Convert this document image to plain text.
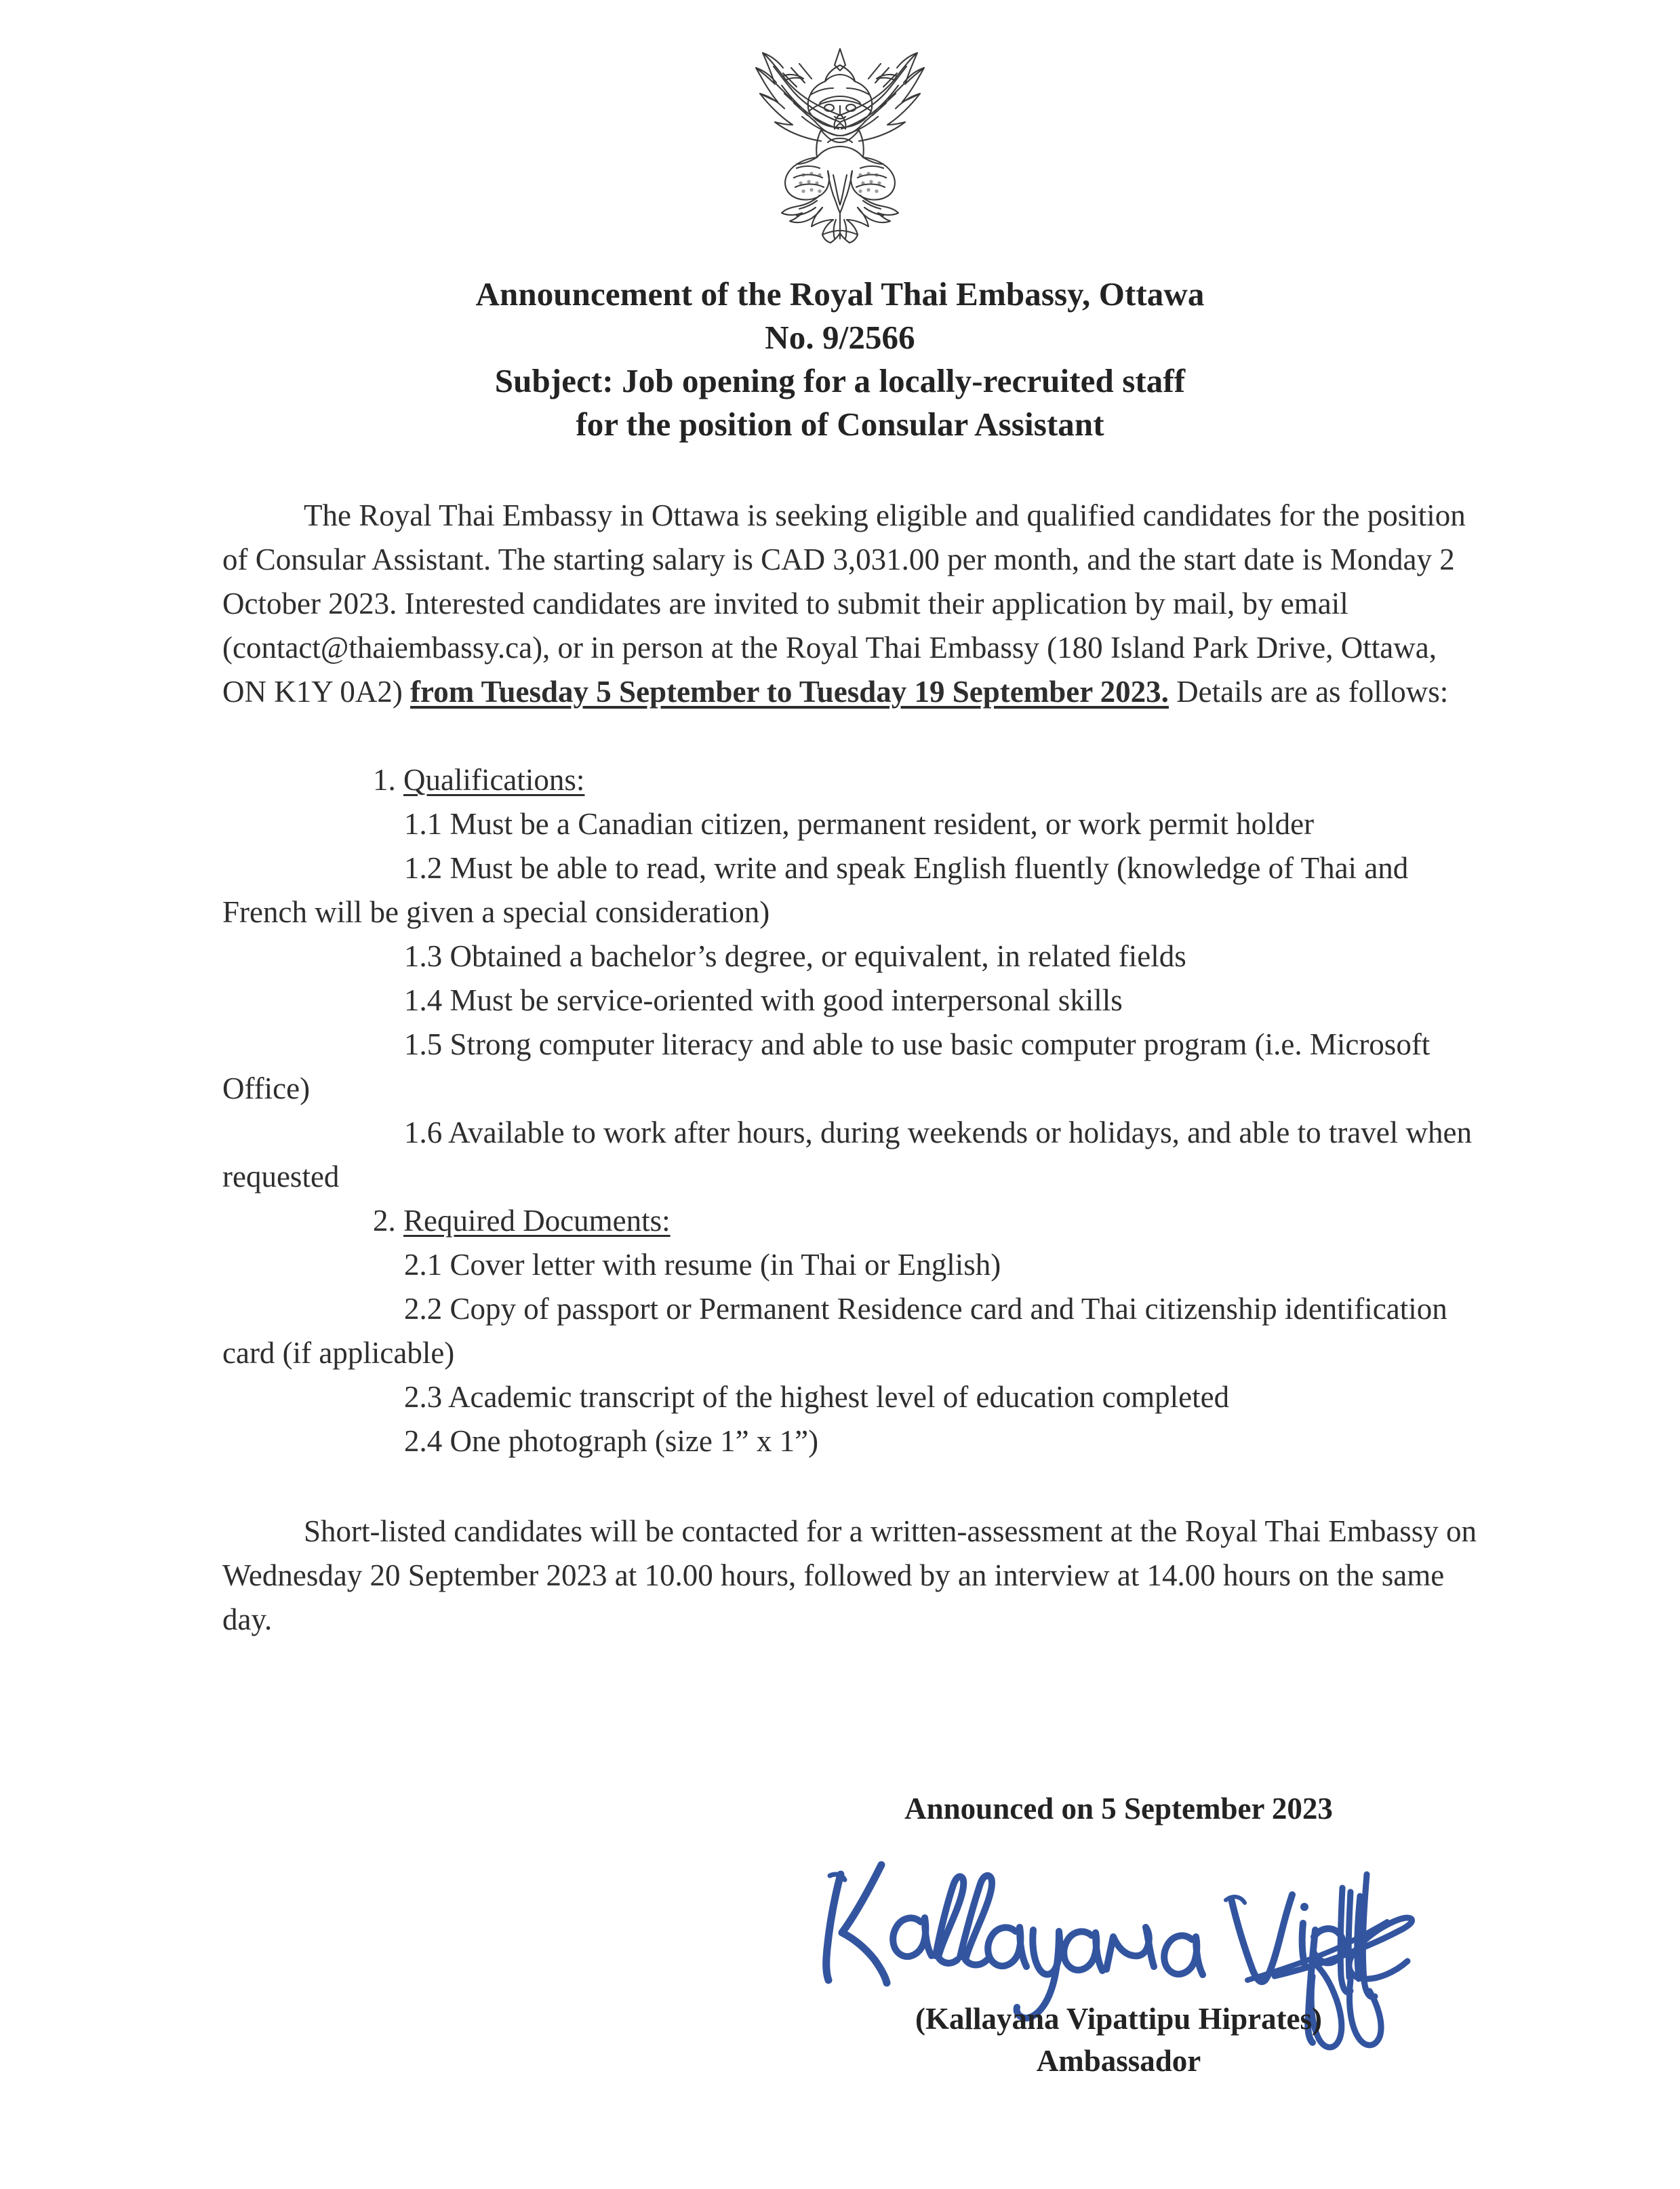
Announcement of the Royal Thai Embassy, Ottawa
No. 9/2566
Subject: Job opening for a locally-recruited staff
for the position of Consular Assistant

The Royal Thai Embassy in Ottawa is seeking eligible and qualified candidates for the position of Consular Assistant. The starting salary is CAD 3,031.00 per month, and the start date is Monday 2 October 2023. Interested candidates are invited to submit their application by mail, by email (contact@thaiembassy.ca), or in person at the Royal Thai Embassy (180 Island Park Drive, Ottawa, ON K1Y 0A2) from Tuesday 5 September to Tuesday 19 September 2023. Details are as follows:

1. Qualifications:

1.1 Must be a Canadian citizen, permanent resident, or work permit holder

1.2 Must be able to read, write and speak English fluently (knowledge of Thai and French will be given a special consideration)

1.3 Obtained a bachelor’s degree, or equivalent, in related fields

1.4 Must be service-oriented with good interpersonal skills

1.5 Strong computer literacy and able to use basic computer program (i.e. Microsoft Office)

1.6 Available to work after hours, during weekends or holidays, and able to travel when requested

2. Required Documents:

2.1 Cover letter with resume (in Thai or English)

2.2 Copy of passport or Permanent Residence card and Thai citizenship identification card (if applicable)

2.3 Academic transcript of the highest level of education completed

2.4 One photograph (size 1” x 1”)

Short-listed candidates will be contacted for a written-assessment at the Royal Thai Embassy on Wednesday 20 September 2023 at 10.00 hours, followed by an interview at 14.00 hours on the same day.

Announced on 5 September 2023
(Kallayana Vipattipu Hiprates)
Ambassador
